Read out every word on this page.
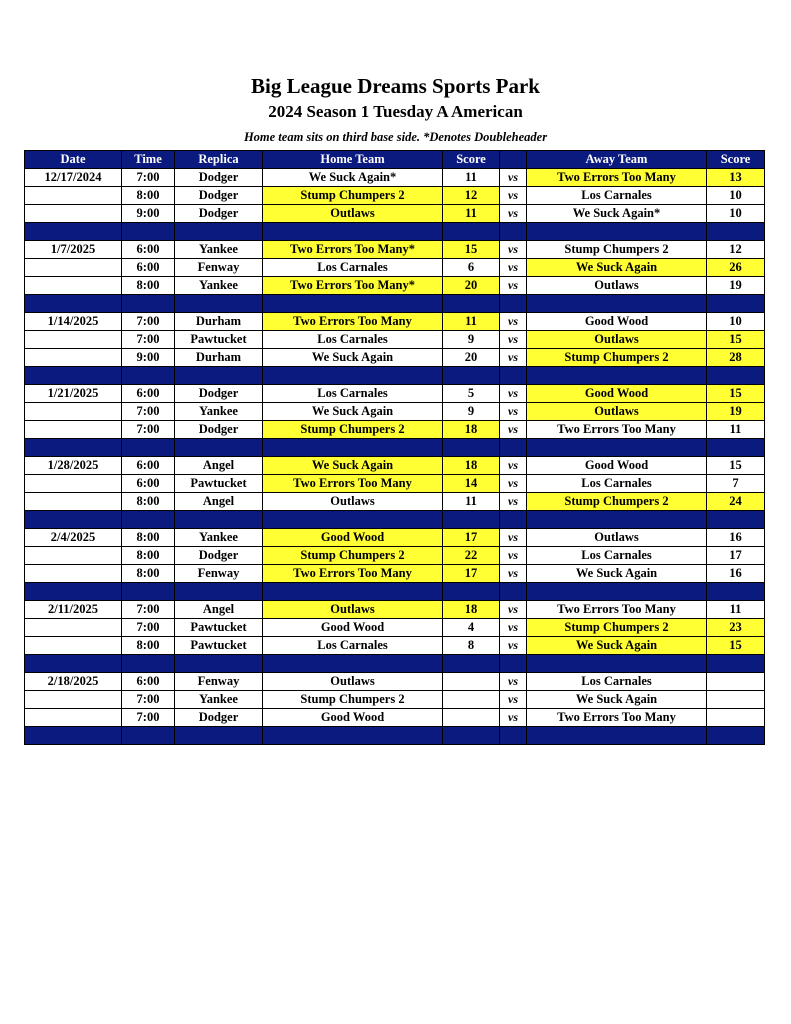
Big League Dreams Sports Park
2024 Season 1 Tuesday A American
Home team sits on third base side. *Denotes Doubleheader
Date	Time	Replica	Home Team	Score		Away Team	Score
12/17/2024	7:00	Dodger	We Suck Again*	11	vs	Two Errors Too Many	13
	8:00	Dodger	Stump Chumpers 2	12	vs	Los Carnales	10
	9:00	Dodger	Outlaws	11	vs	We Suck Again*	10

1/7/2025	6:00	Yankee	Two Errors Too Many*	15	vs	Stump Chumpers 2	12
	6:00	Fenway	Los Carnales	6	vs	We Suck Again	26
	8:00	Yankee	Two Errors Too Many*	20	vs	Outlaws	19

1/14/2025	7:00	Durham	Two Errors Too Many	11	vs	Good Wood	10
	7:00	Pawtucket	Los Carnales	9	vs	Outlaws	15
	9:00	Durham	We Suck Again	20	vs	Stump Chumpers 2	28

1/21/2025	6:00	Dodger	Los Carnales	5	vs	Good Wood	15
	7:00	Yankee	We Suck Again	9	vs	Outlaws	19
	7:00	Dodger	Stump Chumpers 2	18	vs	Two Errors Too Many	11

1/28/2025	6:00	Angel	We Suck Again	18	vs	Good Wood	15
	6:00	Pawtucket	Two Errors Too Many	14	vs	Los Carnales	7
	8:00	Angel	Outlaws	11	vs	Stump Chumpers 2	24

2/4/2025	8:00	Yankee	Good Wood	17	vs	Outlaws	16
	8:00	Dodger	Stump Chumpers 2	22	vs	Los Carnales	17
	8:00	Fenway	Two Errors Too Many	17	vs	We Suck Again	16

2/11/2025	7:00	Angel	Outlaws	18	vs	Two Errors Too Many	11
	7:00	Pawtucket	Good Wood	4	vs	Stump Chumpers 2	23
	8:00	Pawtucket	Los Carnales	8	vs	We Suck Again	15

2/18/2025	6:00	Fenway	Outlaws		vs	Los Carnales	
	7:00	Yankee	Stump Chumpers 2		vs	We Suck Again	
	7:00	Dodger	Good Wood		vs	Two Errors Too Many	
